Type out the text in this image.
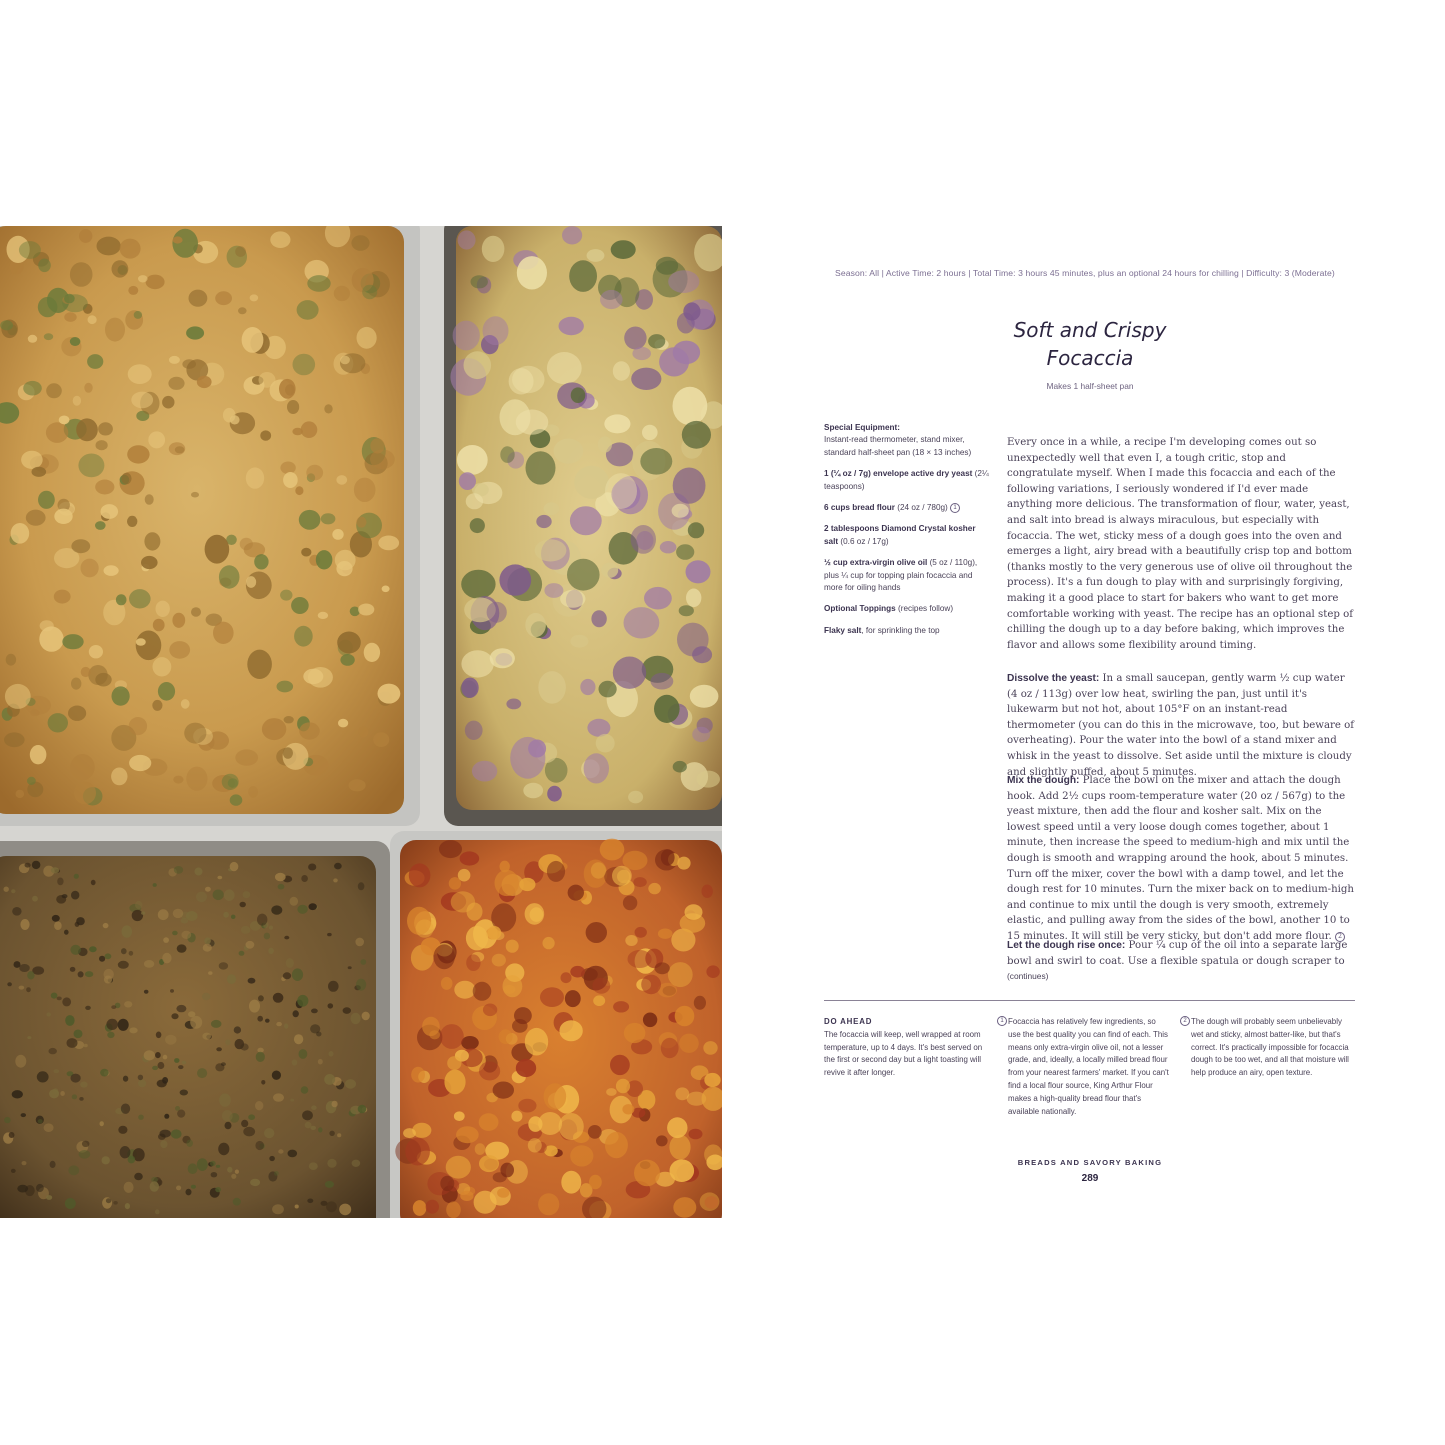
Season: All | Active Time: 2 hours | Total Time: 3 hours 45 minutes, plus an optional 24 hours for chilling | Difficulty: 3 (Moderate)
Soft and Crispy
Focaccia
Makes 1 half-sheet pan
Special Equipment:
Instant-read thermometer, stand mixer, standard half-sheet pan (18 × 13 inches)
1 (¼ oz / 7g) envelope active dry yeast (2¼ teaspoons)
6 cups bread flour (24 oz / 780g) 1
2 tablespoons Diamond Crystal kosher salt (0.6 oz / 17g)
½ cup extra-virgin olive oil (5 oz / 110g), plus ¼ cup for topping plain focaccia and more for oiling hands
Optional Toppings (recipes follow)
Flaky salt, for sprinkling the top
Every once in a while, a recipe I'm developing comes out so unexpectedly well that even I, a tough critic, stop and congratulate myself. When I made this focaccia and each of the following variations, I seriously wondered if I'd ever made anything more delicious. The transformation of flour, water, yeast, and salt into bread is always miraculous, but especially with focaccia. The wet, sticky mess of a dough goes into the oven and emerges a light, airy bread with a beautifully crisp top and bottom (thanks mostly to the very generous use of olive oil throughout the process). It's a fun dough to play with and surprisingly forgiving, making it a good place to start for bakers who want to get more comfortable working with yeast. The recipe has an optional step of chilling the dough up to a day before baking, which improves the flavor and allows some flexibility around timing.
Dissolve the yeast: In a small saucepan, gently warm ½ cup water (4 oz / 113g) over low heat, swirling the pan, just until it's lukewarm but not hot, about 105°F on an instant-read thermometer (you can do this in the microwave, too, but beware of overheating). Pour the water into the bowl of a stand mixer and whisk in the yeast to dissolve. Set aside until the mixture is cloudy and slightly puffed, about 5 minutes.
Mix the dough: Place the bowl on the mixer and attach the dough hook. Add 2½ cups room-temperature water (20 oz / 567g) to the yeast mixture, then add the flour and kosher salt. Mix on the lowest speed until a very loose dough comes together, about 1 minute, then increase the speed to medium-high and mix until the dough is smooth and wrapping around the hook, about 5 minutes. Turn off the mixer, cover the bowl with a damp towel, and let the dough rest for 10 minutes. Turn the mixer back on to medium-high and continue to mix until the dough is very smooth, extremely elastic, and pulling away from the sides of the bowl, another 10 to 15 minutes. It will still be very sticky, but don't add more flour. 2
Let the dough rise once: Pour ¼ cup of the oil into a separate large bowl and swirl to coat. Use a flexible spatula or dough scraper to (continues)
DO AHEAD
The focaccia will keep, well wrapped at room temperature, up to 4 days. It's best served on the first or second day but a light toasting will revive it after longer.
1 Focaccia has relatively few ingredients, so use the best quality you can find of each. This means only extra-virgin olive oil, not a lesser grade, and, ideally, a locally milled bread flour from your nearest farmers' market. If you can't find a local flour source, King Arthur Flour makes a high-quality bread flour that's available nationally.
2 The dough will probably seem unbelievably wet and sticky, almost batter-like, but that's correct. It's practically impossible for focaccia dough to be too wet, and all that moisture will help produce an airy, open texture.
BREADS AND SAVORY BAKING
289
